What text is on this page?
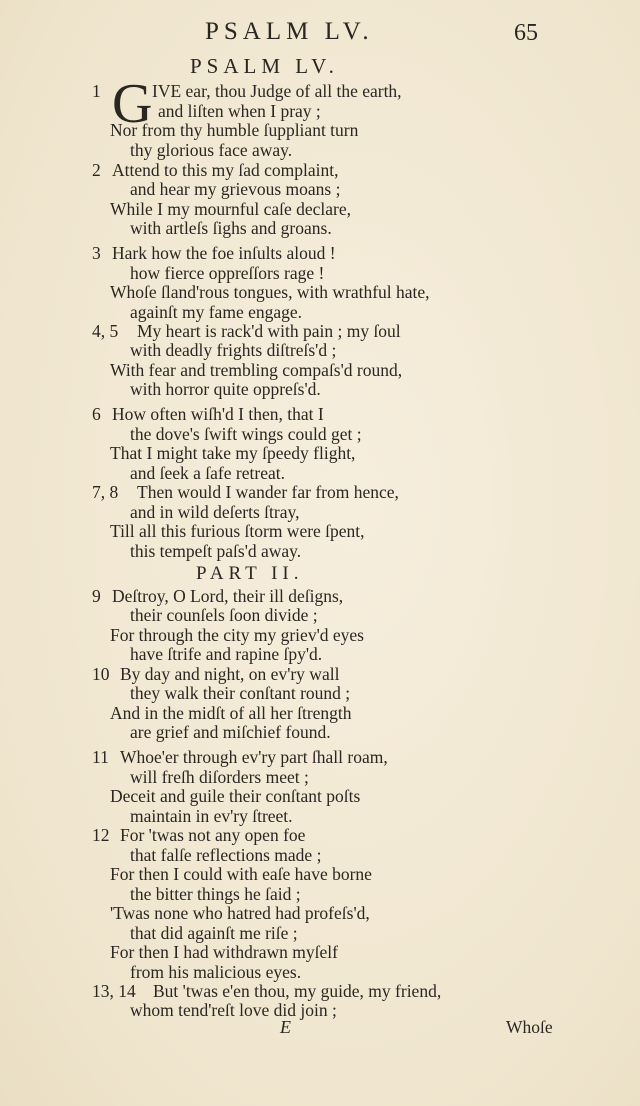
PSALM LV.	65
PSALM LV.
1 G IVE ear, thou Judge of all the earth,
and liſten when I pray ;
Nor from thy humble ſuppliant turn
thy glorious face away.
2 Attend to this my ſad complaint,
and hear my grievous moans ;
While I my mournful caſe declare,
with artleſs ſighs and groans.
3 Hark how the foe inſults aloud !
how fierce oppreſſors rage !
Whoſe ſland'rous tongues, with wrathful hate,
againſt my fame engage.
4, 5 My heart is rack'd with pain ; my ſoul
with deadly frights diſtreſs'd ;
With fear and trembling compaſs'd round,
with horror quite oppreſs'd.
6 How often wiſh'd I then, that I
the dove's ſwift wings could get ;
That I might take my ſpeedy flight,
and ſeek a ſafe retreat.
7, 8 Then would I wander far from hence,
and in wild deſerts ſtray,
Till all this furious ſtorm were ſpent,
this tempeſt paſs'd away.
PART II.
9 Deſtroy, O Lord, their ill deſigns,
their counſels ſoon divide ;
For through the city my griev'd eyes
have ſtrife and rapine ſpy'd.
10 By day and night, on ev'ry wall
they walk their conſtant round ;
And in the midſt of all her ſtrength
are grief and miſchief found.
11 Whoe'er through ev'ry part ſhall roam,
will freſh diſorders meet ;
Deceit and guile their conſtant poſts
maintain in ev'ry ſtreet.
12 For 'twas not any open foe
that falſe reflections made ;
For then I could with eaſe have borne
the bitter things he ſaid ;
'Twas none who hatred had profeſs'd,
that did againſt me riſe ;
For then I had withdrawn myſelf
from his malicious eyes.
13, 14 But 'twas e'en thou, my guide, my friend,
whom tend'reſt love did join ;
E	Whoſe
